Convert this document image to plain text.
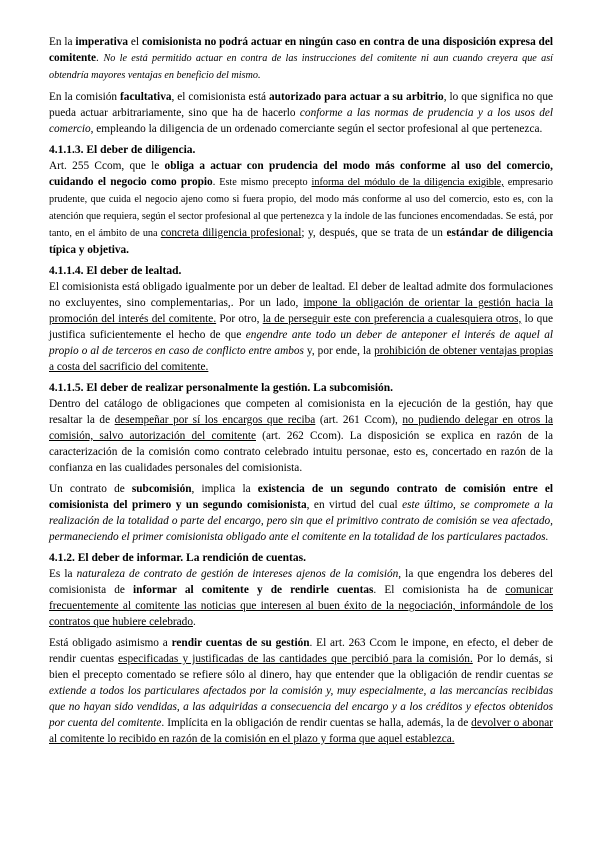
En la imperativa el comisionista no podrá actuar en ningún caso en contra de una disposición expresa del comitente. No le está permitido actuar en contra de las instrucciones del comitente ni aun cuando creyera que así obtendría mayores ventajas en beneficio del mismo.

En la comisión facultativa, el comisionista está autorizado para actuar a su arbitrio, lo que significa no que pueda actuar arbitrariamente, sino que ha de hacerlo conforme a las normas de prudencia y a los usos del comercio, empleando la diligencia de un ordenado comerciante según el sector profesional al que pertenezca.

4.1.1.3. El deber de diligencia.

Art. 255 Ccom, que le obliga a actuar con prudencia del modo más conforme al uso del comercio, cuidando el negocio como propio. Este mismo precepto informa del módulo de la diligencia exigible, empresario prudente, que cuida el negocio ajeno como si fuera propio, del modo más conforme al uso del comercio, esto es, con la atención que requiera, según el sector profesional al que pertenezca y la índole de las funciones encomendadas. Se está, por tanto, en el ámbito de una concreta diligencia profesional; y, después, que se trata de un estándar de diligencia típica y objetiva.

4.1.1.4. El deber de lealtad.

El comisionista está obligado igualmente por un deber de lealtad. El deber de lealtad admite dos formulaciones no excluyentes, sino complementarias,. Por un lado, impone la obligación de orientar la gestión hacia la promoción del interés del comitente. Por otro, la de perseguir este con preferencia a cualesquiera otros, lo que justifica suficientemente el hecho de que engendre ante todo un deber de anteponer el interés de aquel al propio o al de terceros en caso de conflicto entre ambos y, por ende, la prohibición de obtener ventajas propias a costa del sacrificio del comitente.

4.1.1.5. El deber de realizar personalmente la gestión. La subcomisión.

Dentro del catálogo de obligaciones que competen al comisionista en la ejecución de la gestión, hay que resaltar la de desempeñar por sí los encargos que reciba (art. 261 Ccom), no pudiendo delegar en otros la comisión, salvo autorización del comitente (art. 262 Ccom). La disposición se explica en razón de la caracterización de la comisión como contrato celebrado intuitu personae, esto es, concertado en razón de la confianza en las cualidades personales del comisionista.

Un contrato de subcomisión, implica la existencia de un segundo contrato de comisión entre el comisionista del primero y un segundo comisionista, en virtud del cual este último, se compromete a la realización de la totalidad o parte del encargo, pero sin que el primitivo contrato de comisión se vea afectado, permaneciendo el primer comisionista obligado ante el comitente en la totalidad de los particulares pactados.

4.1.2. El deber de informar. La rendición de cuentas.

Es la naturaleza de contrato de gestión de intereses ajenos de la comisión, la que engendra los deberes del comisionista de informar al comitente y de rendirle cuentas. El comisionista ha de comunicar frecuentemente al comitente las noticias que interesen al buen éxito de la negociación, informándole de los contratos que hubiere celebrado.

Está obligado asimismo a rendir cuentas de su gestión. El art. 263 Ccom le impone, en efecto, el deber de rendir cuentas especificadas y justificadas de las cantidades que percibió para la comisión. Por lo demás, si bien el precepto comentado se refiere sólo al dinero, hay que entender que la obligación de rendir cuentas se extiende a todos los particulares afectados por la comisión y, muy especialmente, a las mercancías recibidas que no hayan sido vendidas, a las adquiridas a consecuencia del encargo y a los créditos y efectos obtenidos por cuenta del comitente. Implícita en la obligación de rendir cuentas se halla, además, la de devolver o abonar al comitente lo recibido en razón de la comisión en el plazo y forma que aquel establezca.
